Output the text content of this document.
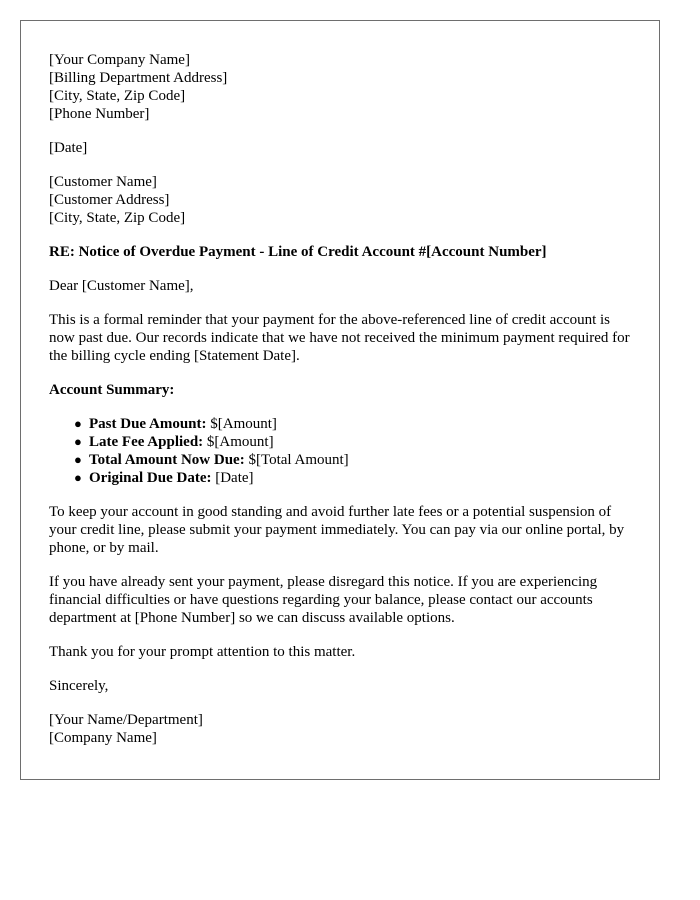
[Your Company Name]
[Billing Department Address]
[City, State, Zip Code]
[Phone Number]
[Date]
[Customer Name]
[Customer Address]
[City, State, Zip Code]
RE: Notice of Overdue Payment - Line of Credit Account #[Account Number]

Dear [Customer Name],

This is a formal reminder that your payment for the above-referenced line of credit account is now past due. Our records indicate that we have not received the minimum payment required for the billing cycle ending [Statement Date].

Account Summary:
● Past Due Amount: $[Amount]
● Late Fee Applied: $[Amount]
● Total Amount Now Due: $[Total Amount]
● Original Due Date: [Date]

To keep your account in good standing and avoid further late fees or a potential suspension of your credit line, please submit your payment immediately. You can pay via our online portal, by phone, or by mail.

If you have already sent your payment, please disregard this notice. If you are experiencing financial difficulties or have questions regarding your balance, please contact our accounts department at [Phone Number] so we can discuss available options.

Thank you for your prompt attention to this matter.

Sincerely,

[Your Name/Department]
[Company Name]
